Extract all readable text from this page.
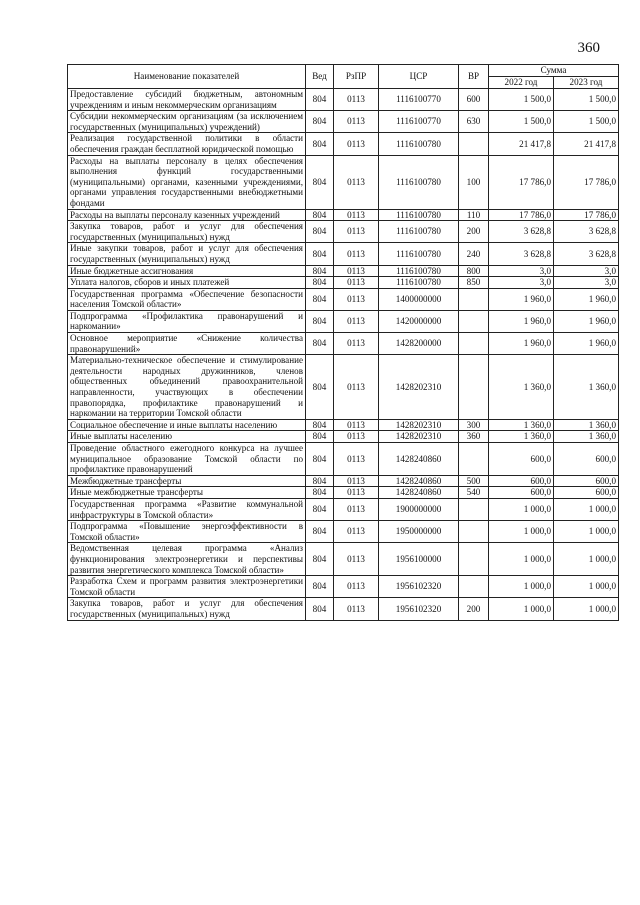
360
Наименование показателей	Вед	РзПР	ЦСР	ВР	Сумма	
					2022 год	2023 год
Предоставление субсидий бюджетным, автономным учреждениям и иным некоммерческим организациям	804	0113	1116100770	600	1 500,0	1 500,0
Субсидии некоммерческим организациям (за исключением государственных (муниципальных) учреждений)	804	0113	1116100770	630	1 500,0	1 500,0
Реализация государственной политики в области обеспечения граждан бесплатной юридической помощью	804	0113	1116100780		21 417,8	21 417,8
Расходы на выплаты персоналу в целях обеспечения выполнения функций государственными (муниципальными) органами, казенными учреждениями, органами управления государственными внебюджетными фондами	804	0113	1116100780	100	17 786,0	17 786,0
Расходы на выплаты персоналу казенных учреждений	804	0113	1116100780	110	17 786,0	17 786,0
Закупка товаров, работ и услуг для обеспечения государственных (муниципальных) нужд	804	0113	1116100780	200	3 628,8	3 628,8
Иные закупки товаров, работ и услуг для обеспечения государственных (муниципальных) нужд	804	0113	1116100780	240	3 628,8	3 628,8
Иные бюджетные ассигнования	804	0113	1116100780	800	3,0	3,0
Уплата налогов, сборов и иных платежей	804	0113	1116100780	850	3,0	3,0
Государственная программа «Обеспечение безопасности населения Томской области»	804	0113	1400000000		1 960,0	1 960,0
Подпрограмма «Профилактика правонарушений и наркомании»	804	0113	1420000000		1 960,0	1 960,0
Основное мероприятие «Снижение количества правонарушений»	804	0113	1428200000		1 960,0	1 960,0
Материально-техническое обеспечение и стимулирование деятельности народных дружинников, членов общественных объединений правоохранительной направленности, участвующих в обеспечении правопорядка, профилактике правонарушений и наркомании на территории Томской области	804	0113	1428202310		1 360,0	1 360,0
Социальное обеспечение и иные выплаты населению	804	0113	1428202310	300	1 360,0	1 360,0
Иные выплаты населению	804	0113	1428202310	360	1 360,0	1 360,0
Проведение областного ежегодного конкурса на лучшее муниципальное образование Томской области по профилактике правонарушений	804	0113	1428240860		600,0	600,0
Межбюджетные трансферты	804	0113	1428240860	500	600,0	600,0
Иные межбюджетные трансферты	804	0113	1428240860	540	600,0	600,0
Государственная программа «Развитие коммунальной инфраструктуры в Томской области»	804	0113	1900000000		1 000,0	1 000,0
Подпрограмма «Повышение энергоэффективности в Томской области»	804	0113	1950000000		1 000,0	1 000,0
Ведомственная целевая программа «Анализ функционирования электроэнергетики и перспективы развития энергетического комплекса Томской области»	804	0113	1956100000		1 000,0	1 000,0
Разработка Схем и программ развития электроэнергетики Томской области	804	0113	1956102320		1 000,0	1 000,0
Закупка товаров, работ и услуг для обеспечения государственных (муниципальных) нужд	804	0113	1956102320	200	1 000,0	1 000,0
